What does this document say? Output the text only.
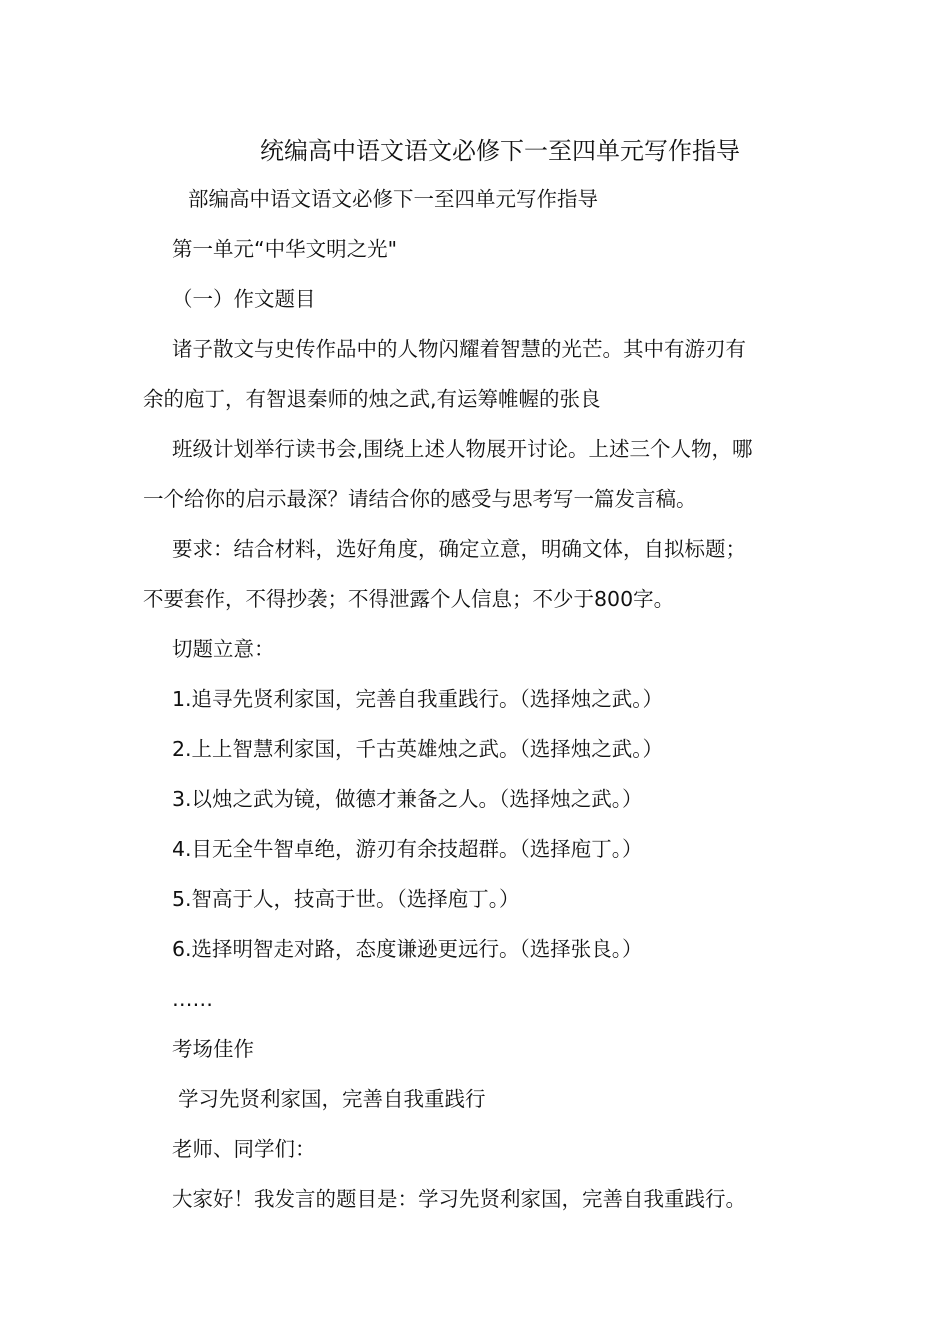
统编高中语文语文必修下一至四单元写作指导
部编高中语文语文必修下一至四单元写作指导
第一单元“中华文明之光"
（一）作文题目
诸子散文与史传作品中的人物闪耀着智慧的光芒。其中有游刃有
余的庖丁，有智退秦师的烛之武,有运筹帷幄的张良
班级计划举行读书会,围绕上述人物展开讨论。上述三个人物，哪
一个给你的启示最深？请结合你的感受与思考写一篇发言稿。
要求：结合材料，选好角度，确定立意，明确文体，自拟标题；
不要套作，不得抄袭；不得泄露个人信息；不少于800字。
切题立意：
1.追寻先贤利家国，完善自我重践行。（选择烛之武。）
2.上上智慧利家国，千古英雄烛之武。（选择烛之武。）
3.以烛之武为镜，做德才兼备之人。（选择烛之武。）
4.目无全牛智卓绝，游刃有余技超群。（选择庖丁。）
5.智高于人，技高于世。（选择庖丁。）
6.选择明智走对路，态度谦逊更远行。（选择张良。）
……
考场佳作
学习先贤利家国，完善自我重践行
老师、同学们：
大家好！我发言的题目是：学习先贤利家国，完善自我重践行。
